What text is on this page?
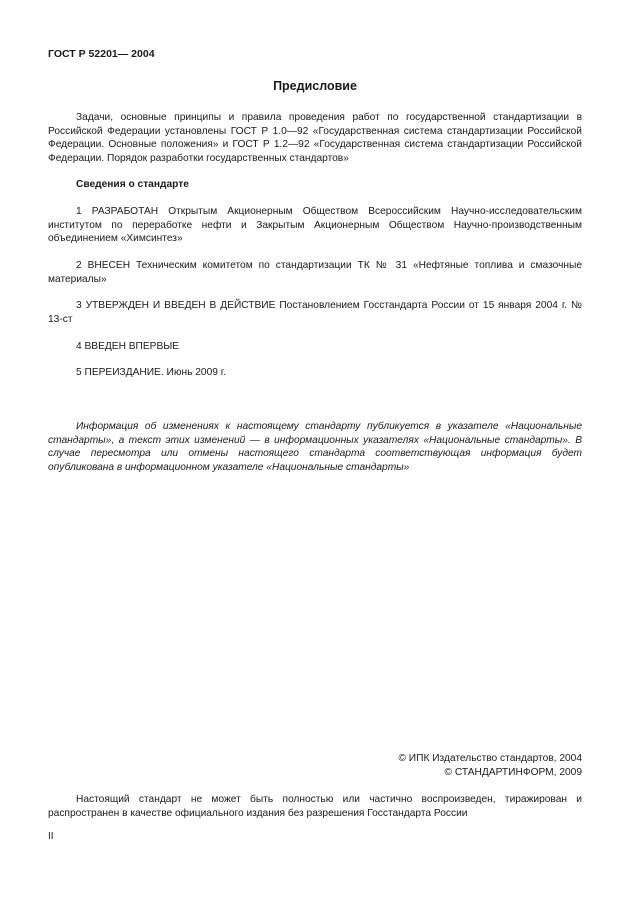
ГОСТ Р 52201— 2004
Предисловие

Задачи, основные принципы и правила проведения работ по государственной стандартизации в Российской Федерации установлены ГОСТ Р 1.0—92 «Государственная система стандартизации Российской Федерации. Основные положения» и ГОСТ Р 1.2—92 «Государственная система стандартизации Российской Федерации. Порядок разработки государственных стандартов»

Сведения о стандарте

1 РАЗРАБОТАН Открытым Акционерным Обществом Всероссийским Научно-исследовательским институтом по переработке нефти и Закрытым Акционерным Обществом Научно-производственным объединением «Химсинтез»

2 ВНЕСЕН Техническим комитетом по стандартизации ТК № 31 «Нефтяные топлива и смазочные материалы»

3 УТВЕРЖДЕН И ВВЕДЕН В ДЕЙСТВИЕ Постановлением Госстандарта России от 15 января 2004 г. № 13-ст

4 ВВЕДЕН ВПЕРВЫЕ

5 ПЕРЕИЗДАНИЕ. Июнь 2009 г.

Информация об изменениях к настоящему стандарту публикуется в указателе «Национальные стандарты», а текст этих изменений — в информационных указателях «Национальные стандарты». В случае пересмотра или отмены настоящего стандарта соответствующая информация будет опубликована в информационном указателе «Национальные стандарты»

© ИПК Издательство стандартов, 2004

© СТАНДАРТИНФОРМ, 2009

Настоящий стандарт не может быть полностью или частично воспроизведен, тиражирован и распространен в качестве официального издания без разрешения Госстандарта России

II
